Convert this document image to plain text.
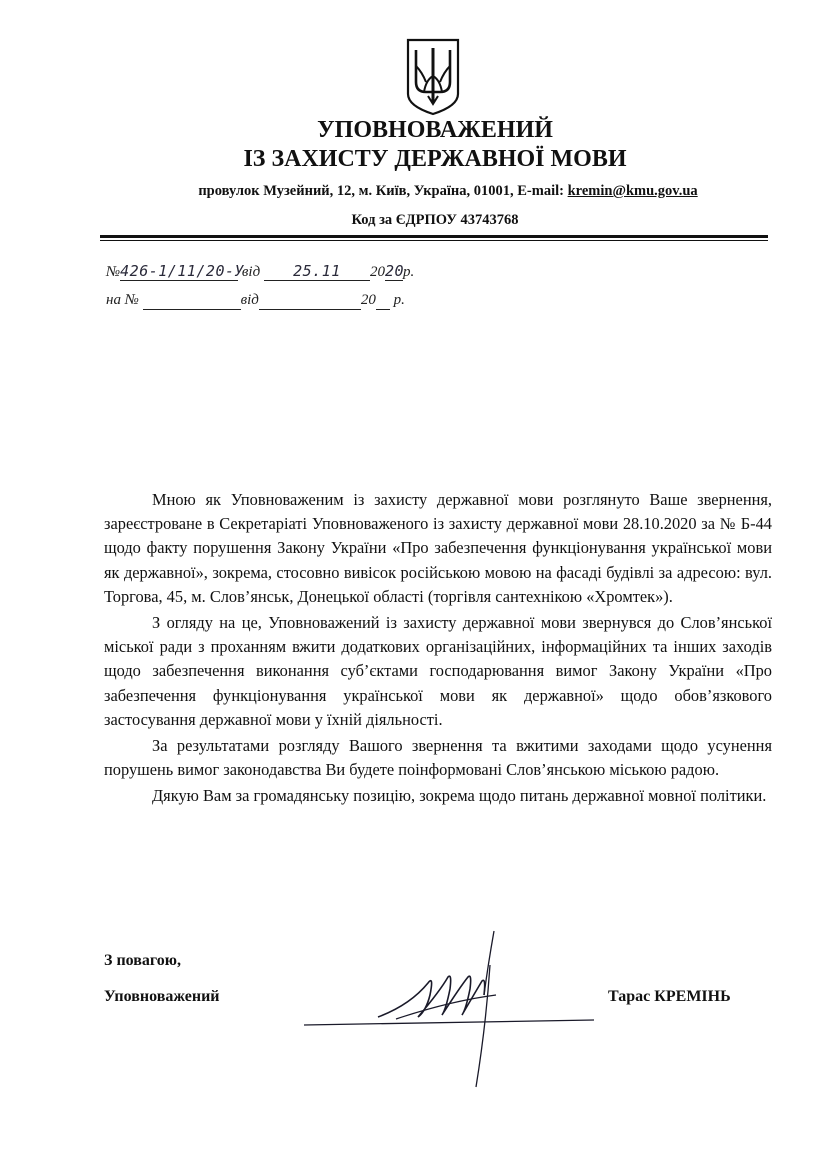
УПОВНОВАЖЕНИЙ
ІЗ ЗАХИСТУ ДЕРЖАВНОЇ МОВИ
провулок Музейний, 12, м. Київ, Україна, 01001, E-mail: kremin@kmu.gov.ua
Код за ЄДРПОУ 43743768
№426-1/11/20-У від 25.11 2020р.
на №	від	20 р.

Мною як Уповноваженим із захисту державної мови розглянуто Ваше звернення, зареєстроване в Секретаріаті Уповноваженого із захисту державної мови 28.10.2020 за № Б-44 щодо факту порушення Закону України «Про забезпечення функціонування української мови як державної», зокрема, стосовно вивісок російською мовою на фасаді будівлі за адресою: вул. Торгова, 45, м. Слов’янськ, Донецької області (торгівля сантехнікою «Хромтек»).

З огляду на це, Уповноважений із захисту державної мови звернувся до Слов’янської міської ради з проханням вжити додаткових організаційних, інформаційних та інших заходів щодо забезпечення виконання суб’єктами господарювання вимог Закону України «Про забезпечення функціонування української мови як державної» щодо обов’язкового застосування державної мови у їхній діяльності.

За результатами розгляду Вашого звернення та вжитими заходами щодо усунення порушень вимог законодавства Ви будете поінформовані Слов’янською міською радою.

Дякую Вам за громадянську позицію, зокрема щодо питань державної мовної політики.

З повагою,
Уповноважений	Тарас КРЕМІНЬ
